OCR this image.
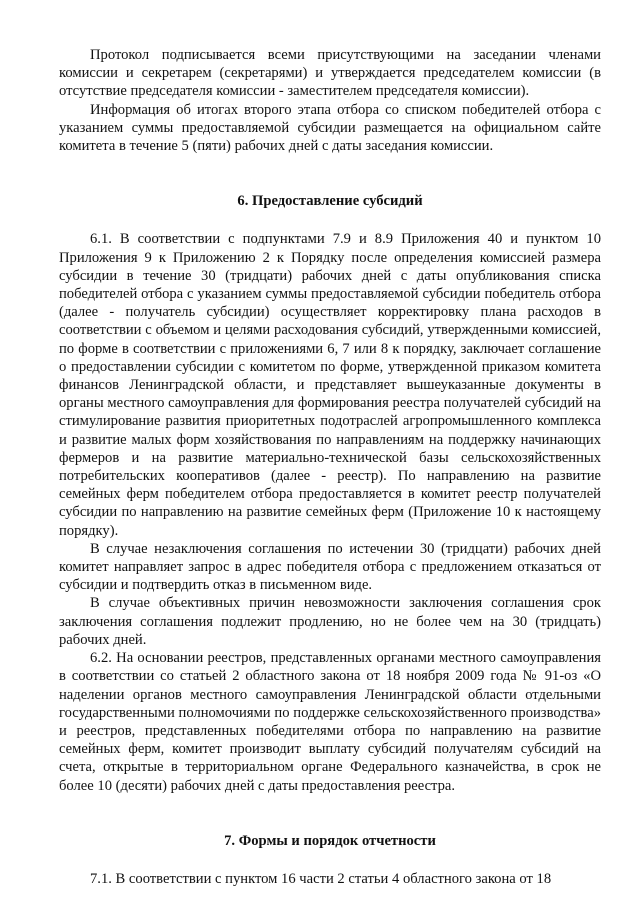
Протокол подписывается всеми присутствующими на заседании членами комиссии и секретарем (секретарями) и утверждается председателем комиссии (в отсутствие председателя комиссии - заместителем председателя комиссии).

Информация об итогах второго этапа отбора со списком победителей отбора с указанием суммы предоставляемой субсидии размещается на официальном сайте комитета в течение 5 (пяти) рабочих дней с даты заседания комиссии.

6. Предоставление субсидий

6.1. В соответствии с подпунктами 7.9 и 8.9 Приложения 40 и пунктом 10 Приложения 9 к Приложению 2 к Порядку после определения комиссией размера субсидии в течение 30 (тридцати) рабочих дней с даты опубликования списка победителей отбора с указанием суммы предоставляемой субсидии победитель отбора (далее - получатель субсидии) осуществляет корректировку плана расходов в соответствии с объемом и целями расходования субсидий, утвержденными комиссией, по форме в соответствии с приложениями 6, 7 или 8 к порядку, заключает соглашение о предоставлении субсидии с комитетом по форме, утвержденной приказом комитета финансов Ленинградской области, и представляет вышеуказанные документы в органы местного самоуправления для формирования реестра получателей субсидий на стимулирование развития приоритетных подотраслей агропромышленного комплекса и развитие малых форм хозяйствования по направлениям на поддержку начинающих фермеров и на развитие материально-технической базы сельскохозяйственных потребительских кооперативов (далее - реестр). По направлению на развитие семейных ферм победителем отбора предоставляется в комитет реестр получателей субсидии по направлению на развитие семейных ферм (Приложение 10 к настоящему порядку).

В случае незаключения соглашения по истечении 30 (тридцати) рабочих дней комитет направляет запрос в адрес победителя отбора с предложением отказаться от субсидии и подтвердить отказ в письменном виде.

В случае объективных причин невозможности заключения соглашения срок заключения соглашения подлежит продлению, но не более чем на 30 (тридцать) рабочих дней.

6.2. На основании реестров, представленных органами местного самоуправления в соответствии со статьей 2 областного закона от 18 ноября 2009 года № 91-оз «О наделении органов местного самоуправления Ленинградской области отдельными государственными полномочиями по поддержке сельскохозяйственного производства» и реестров, представленных победителями отбора по направлению на развитие семейных ферм, комитет производит выплату субсидий получателям субсидий на счета, открытые в территориальном органе Федерального казначейства, в срок не более 10 (десяти) рабочих дней с даты предоставления реестра.

7. Формы и порядок отчетности

7.1. В соответствии с пунктом 16 части 2 статьи 4 областного закона от 18
